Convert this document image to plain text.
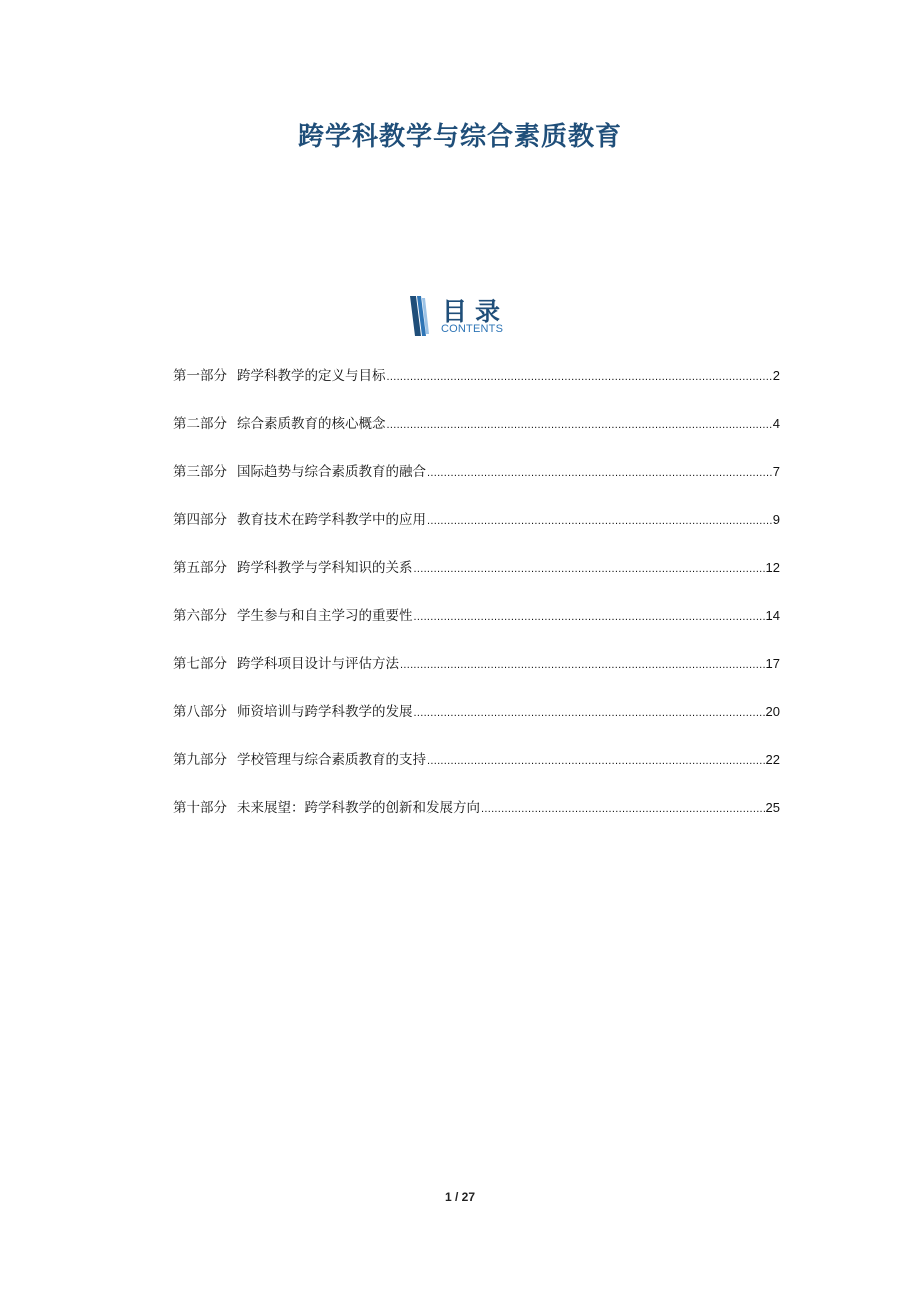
跨学科教学与综合素质教育
目录
CONTENTS
第一部分 跨学科教学的定义与目标 .....	2
第二部分 综合素质教育的核心概念 .....	4
第三部分 国际趋势与综合素质教育的融合 .....	7
第四部分 教育技术在跨学科教学中的应用 .....	9
第五部分 跨学科教学与学科知识的关系 .....	12
第六部分 学生参与和自主学习的重要性 .....	14
第七部分 跨学科项目设计与评估方法 .....	17
第八部分 师资培训与跨学科教学的发展 .....	20
第九部分 学校管理与综合素质教育的支持 .....	22
第十部分 未来展望：跨学科教学的创新和发展方向 .....	25
1 / 27
